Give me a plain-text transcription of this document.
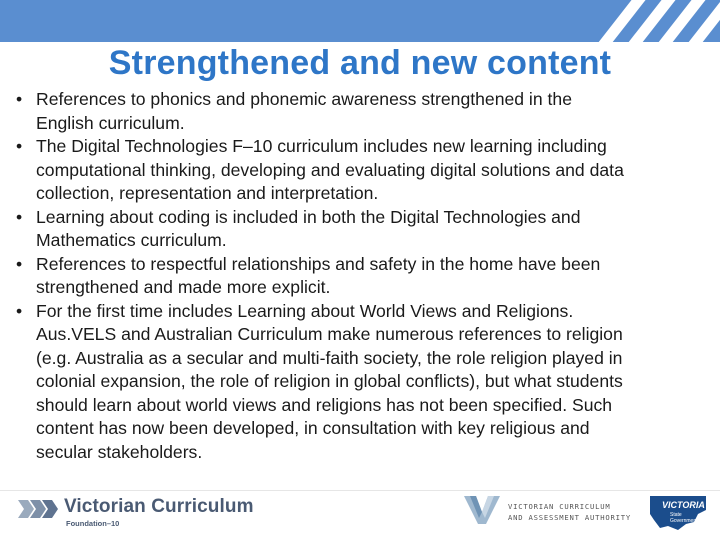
Strengthened and new content
• References to phonics and phonemic awareness strengthened in the
English curriculum.
• The Digital Technologies F–10 curriculum includes new learning including
computational thinking, developing and evaluating digital solutions and data
collection, representation and interpretation.
• Learning about coding is included in both the Digital Technologies and
Mathematics curriculum.
• References to respectful relationships and safety in the home have been
strengthened and made more explicit.
• For the first time includes Learning about World Views and Religions.
Aus.VELS and Australian Curriculum make numerous references to religion
(e.g. Australia as a secular and multi-faith society, the role religion played in
colonial expansion, the role of religion in global conflicts), but what students
should learn about world views and religions has not been specified. Such
content has now been developed, in consultation with key religious and
secular stakeholders.
Victorian Curriculum
Foundation–10
VICTORIAN CURRICULUM
AND ASSESSMENT AUTHORITY
VICTORIA
State
Government
